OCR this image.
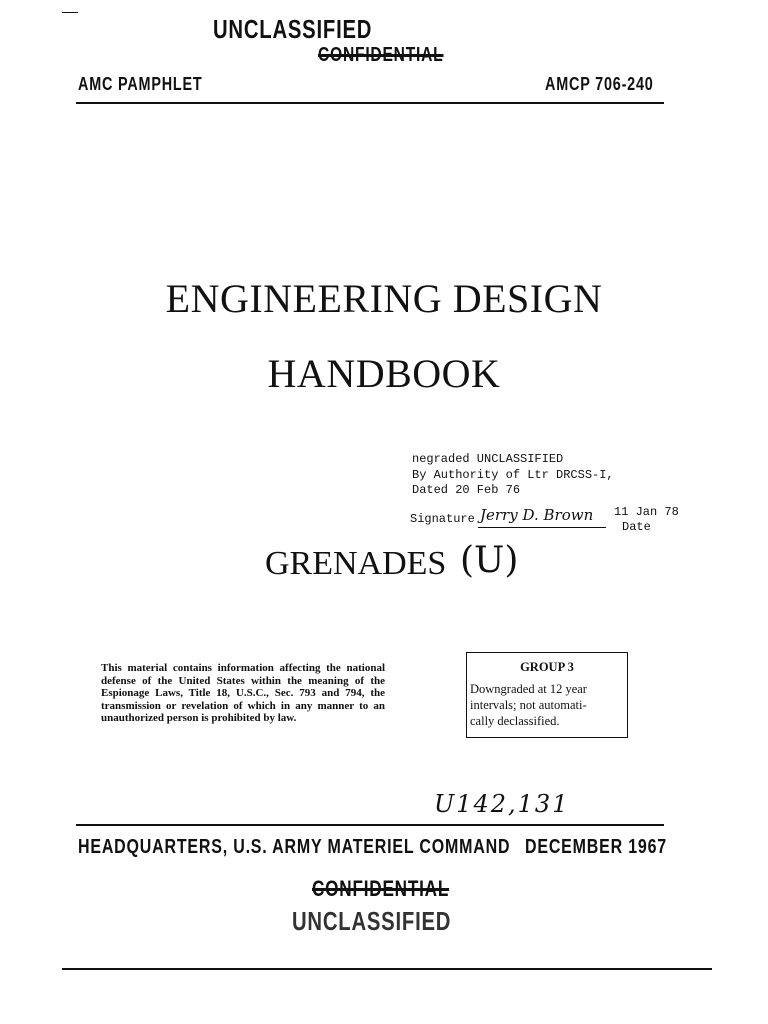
UNCLASSIFIED
CONFIDENTIAL
AMC PAMPHLET	AMCP 706-240
ENGINEERING DESIGN
HANDBOOK
negraded UNCLASSIFIED
By Authority of Ltr DRCSS-I,
Dated 20 Feb 76
Signature Jerry D. Brown 11 Jan 78
Date
GRENADES (U)
This material contains information affecting the national defense of the United States within the meaning of the Espionage Laws, Title 18, U.S.C., Sec. 793 and 794, the transmission or revelation of which in any manner to an unauthorized person is prohibited by law.
GROUP 3
Downgraded at 12 year
intervals; not automati-
cally declassified.
U142,131
HEADQUARTERS, U.S. ARMY MATERIEL COMMAND DECEMBER 1967
CONFIDENTIAL
UNCLASSIFIED
